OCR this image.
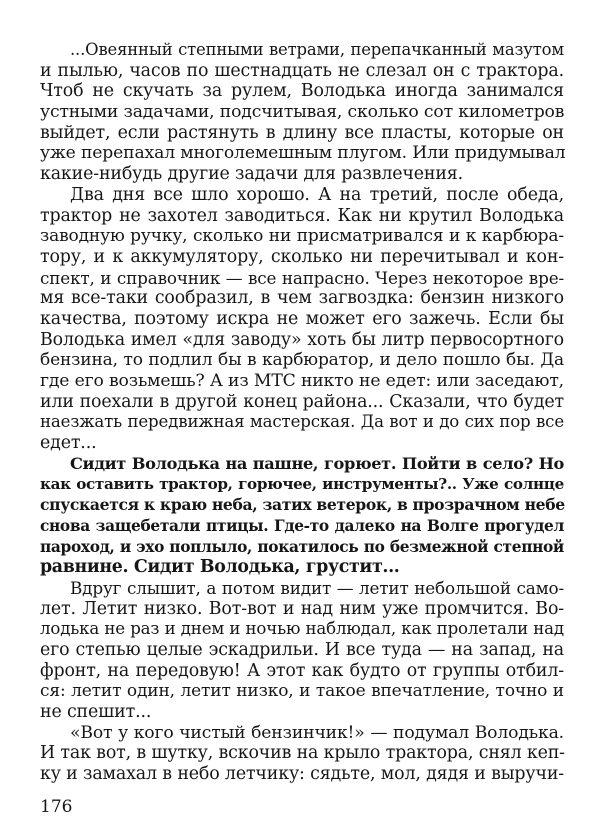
...Овеянный степными ветрами, перепачканный мазутом
и пылью, часов по шестнадцать не слезал он с трактора.
Чтоб не скучать за рулем, Володька иногда занимался
устными задачами, подсчитывая, сколько сот километров
выйдет, если растянуть в длину все пласты, которые он
уже перепахал многолемешным плугом. Или придумывал
какие-нибудь другие задачи для развлечения.
Два дня все шло хорошо. А на третий, после обеда,
трактор не захотел заводиться. Как ни крутил Володька
заводную ручку, сколько ни присматривался и к карбюра-
тору, и к аккумулятору, сколько ни перечитывал и кон-
спект, и справочник — все напрасно. Через некоторое вре-
мя все-таки сообразил, в чем загвоздка: бензин низкого
качества, поэтому искра не может его зажечь. Если бы
Володька имел «для заводу» хоть бы литр первосортного
бензина, то подлил бы в карбюратор, и дело пошло бы. Да
где его возьмешь? А из МТС никто не едет: или заседают,
или поехали в другой конец района... Сказали, что будет
наезжать передвижная мастерская. Да вот и до сих пор все
едет...
Сидит Володька на пашне, горюет. Пойти в село? Но
как оставить трактор, горючее, инструменты?.. Уже солнце
спускается к краю неба, затих ветерок, в прозрачном небе
снова защебетали птицы. Где-то далеко на Волге прогудел
пароход, и эхо поплыло, покатилось по безмежной степной
равнине. Сидит Володька, грустит...
Вдруг слышит, а потом видит — летит небольшой само-
лет. Летит низко. Вот-вот и над ним уже промчится. Во-
лодька не раз и днем и ночью наблюдал, как пролетали над
его степью целые эскадрильи. И все туда — на запад, на
фронт, на передовую! А этот как будто от группы отбил-
ся: летит один, летит низко, и такое впечатление, точно и
не спешит...
«Вот у кого чистый бензинчик!» — подумал Володька.
И так вот, в шутку, вскочив на крыло трактора, снял кеп-
ку и замахал в небо летчику: сядьте, мол, дядя и выручи-
176
